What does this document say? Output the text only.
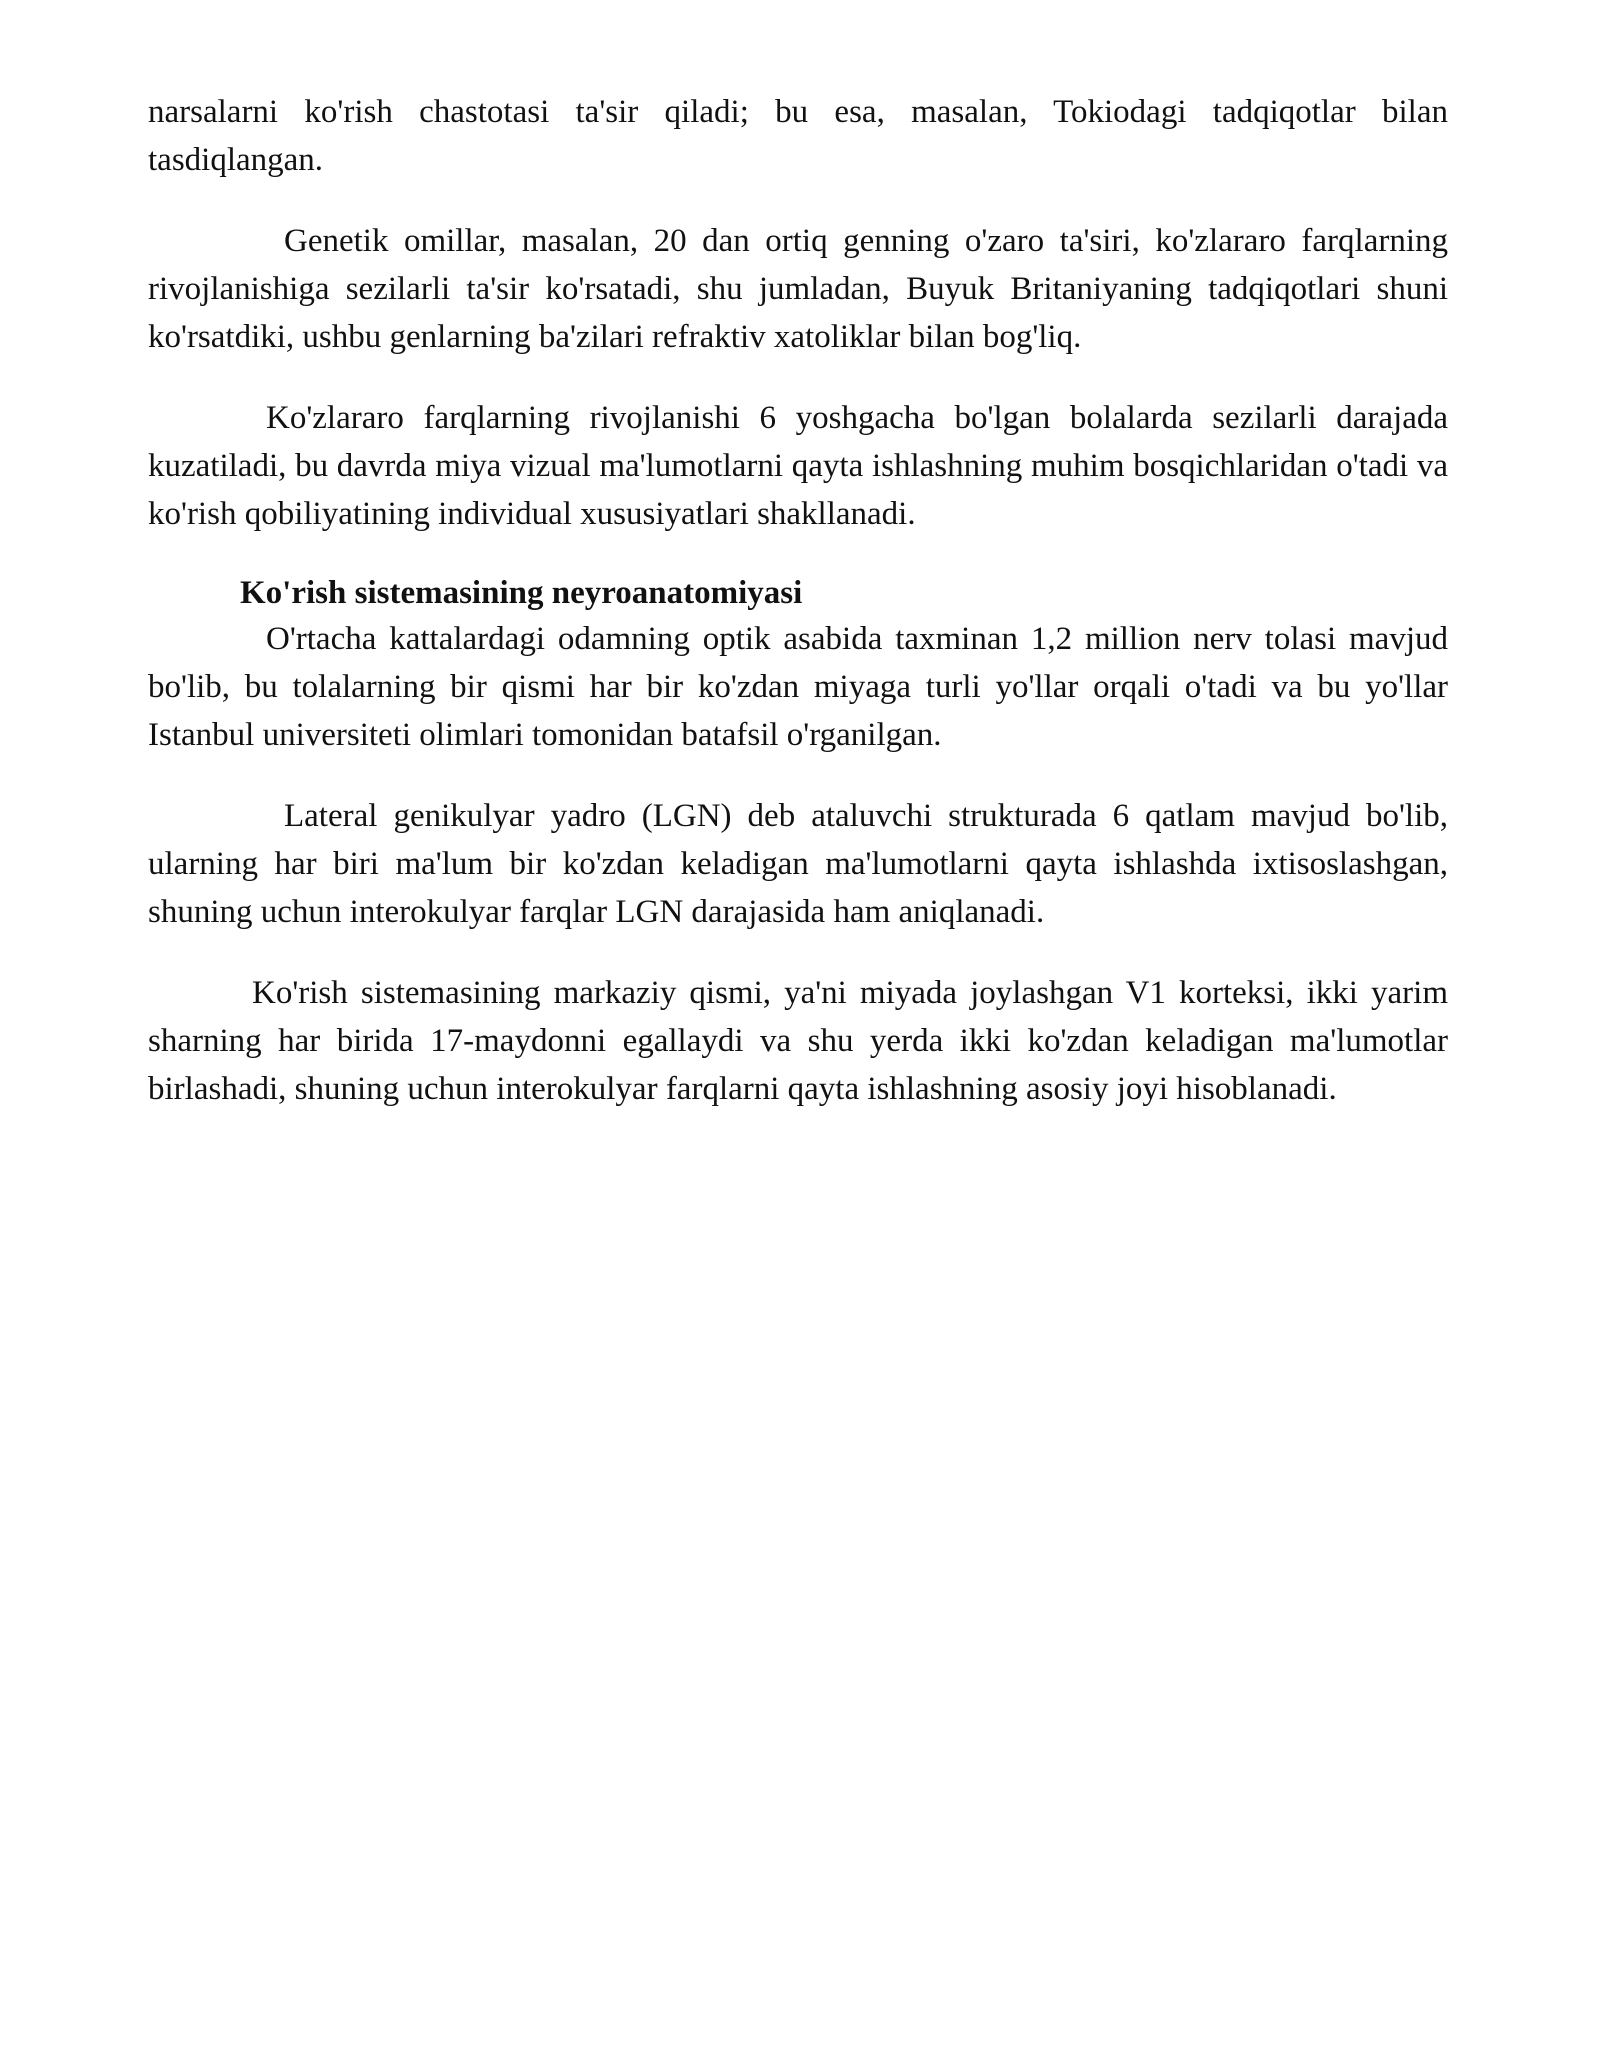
narsalarni ko'rish chastotasi ta'sir qiladi; bu esa, masalan, Tokiodagi tadqiqotlar bilan tasdiqlangan.

Genetik omillar, masalan, 20 dan ortiq genning o'zaro ta'siri, ko'zlararo farqlarning rivojlanishiga sezilarli ta'sir ko'rsatadi, shu jumladan, Buyuk Britaniyaning tadqiqotlari shuni ko'rsatdiki, ushbu genlarning ba'zilari refraktiv xatoliklar bilan bog'liq.

Ko'zlararo farqlarning rivojlanishi 6 yoshgacha bo'lgan bolalarda sezilarli darajada kuzatiladi, bu davrda miya vizual ma'lumotlarni qayta ishlashning muhim bosqichlaridan o'tadi va ko'rish qobiliyatining individual xususiyatlari shakllanadi.

Ko'rish sistemasining neyroanatomiyasi

O'rtacha kattalardagi odamning optik asabida taxminan 1,2 million nerv tolasi mavjud bo'lib, bu tolalarning bir qismi har bir ko'zdan miyaga turli yo'llar orqali o'tadi va bu yo'llar Istanbul universiteti olimlari tomonidan batafsil o'rganilgan.

Lateral genikulyar yadro (LGN) deb ataluvchi strukturada 6 qatlam mavjud bo'lib, ularning har biri ma'lum bir ko'zdan keladigan ma'lumotlarni qayta ishlashda ixtisoslashgan, shuning uchun interokulyar farqlar LGN darajasida ham aniqlanadi.

Ko'rish sistemasining markaziy qismi, ya'ni miyada joylashgan V1 korteksi, ikki yarim sharning har birida 17-maydonni egallaydi va shu yerda ikki ko'zdan keladigan ma'lumotlar birlashadi, shuning uchun interokulyar farqlarni qayta ishlashning asosiy joyi hisoblanadi.
